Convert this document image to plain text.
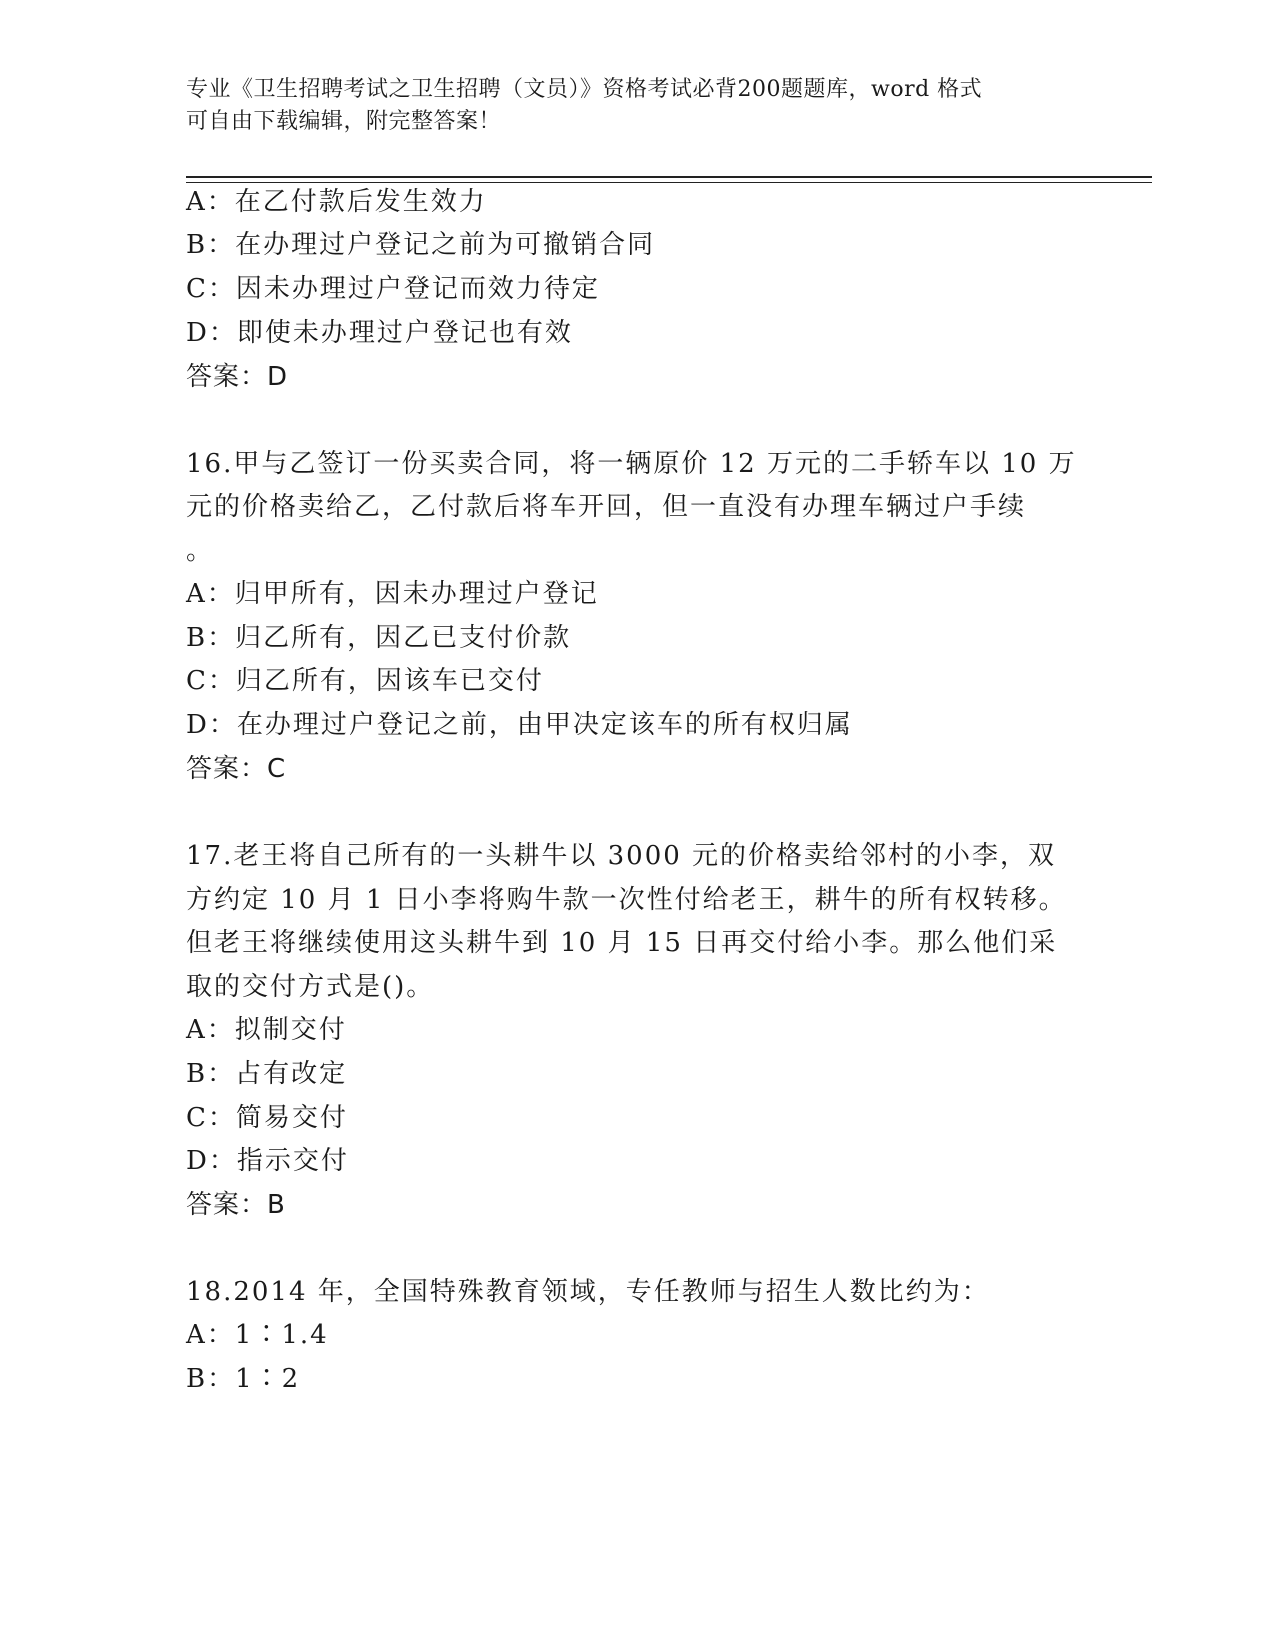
专业《卫生招聘考试之卫生招聘（文员）》资格考试必背200题题库，word 格式
可自由下载编辑，附完整答案！
A：在乙付款后发生效力
B：在办理过户登记之前为可撤销合同
C：因未办理过户登记而效力待定
D：即使未办理过户登记也有效
答案：D
16.甲与乙签订一份买卖合同，将一辆原价 12 万元的二手轿车以 10 万
元的价格卖给乙，乙付款后将车开回，但一直没有办理车辆过户手续
。
A：归甲所有，因未办理过户登记
B：归乙所有，因乙已支付价款
C：归乙所有，因该车已交付
D：在办理过户登记之前，由甲决定该车的所有权归属
答案：C
17.老王将自己所有的一头耕牛以 3000 元的价格卖给邻村的小李，双
方约定 10 月 1 日小李将购牛款一次性付给老王，耕牛的所有权转移。
但老王将继续使用这头耕牛到 10 月 15 日再交付给小李。那么他们采
取的交付方式是()。
A：拟制交付
B：占有改定
C：简易交付
D：指示交付
答案：B
18.2014 年，全国特殊教育领域，专任教师与招生人数比约为：
A：1∶1.4
B：1∶2
